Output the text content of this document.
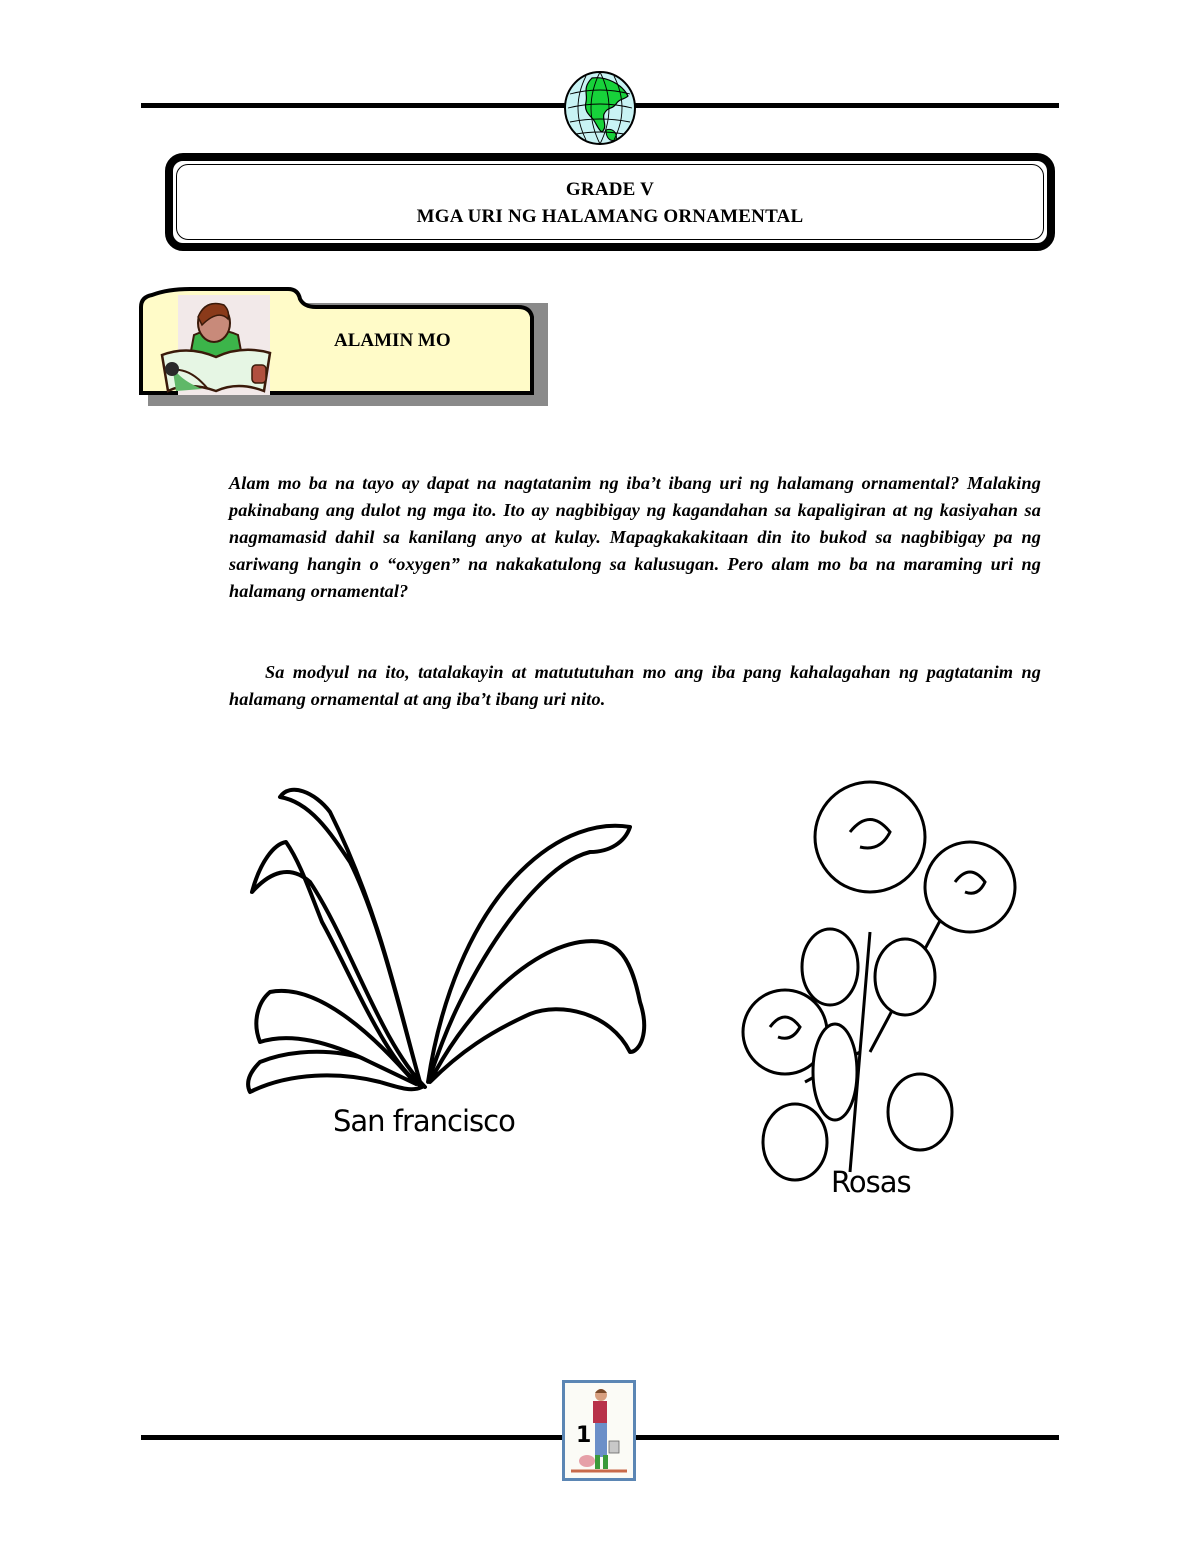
GRADE V
MGA URI NG HALAMANG ORNAMENTAL
ALAMIN MO

Alam mo ba na tayo ay dapat na nagtatanim ng iba’t ibang uri ng halamang ornamental? Malaking pakinabang ang dulot ng mga ito. Ito ay nagbibigay ng kagandahan sa kapaligiran at ng kasiyahan sa nagmamasid dahil sa kanilang anyo at kulay. Mapagkakakitaan din ito bukod sa nagbibigay pa ng sariwang hangin o “oxygen” na nakakatulong sa kalusugan. Pero alam mo ba na maraming uri ng halamang ornamental?

Sa modyul na ito, tatalakayin at matututuhan mo ang iba pang kahalagahan ng pagtatanim ng halamang ornamental at ang iba’t ibang uri nito.

San francisco
Rosas
1
